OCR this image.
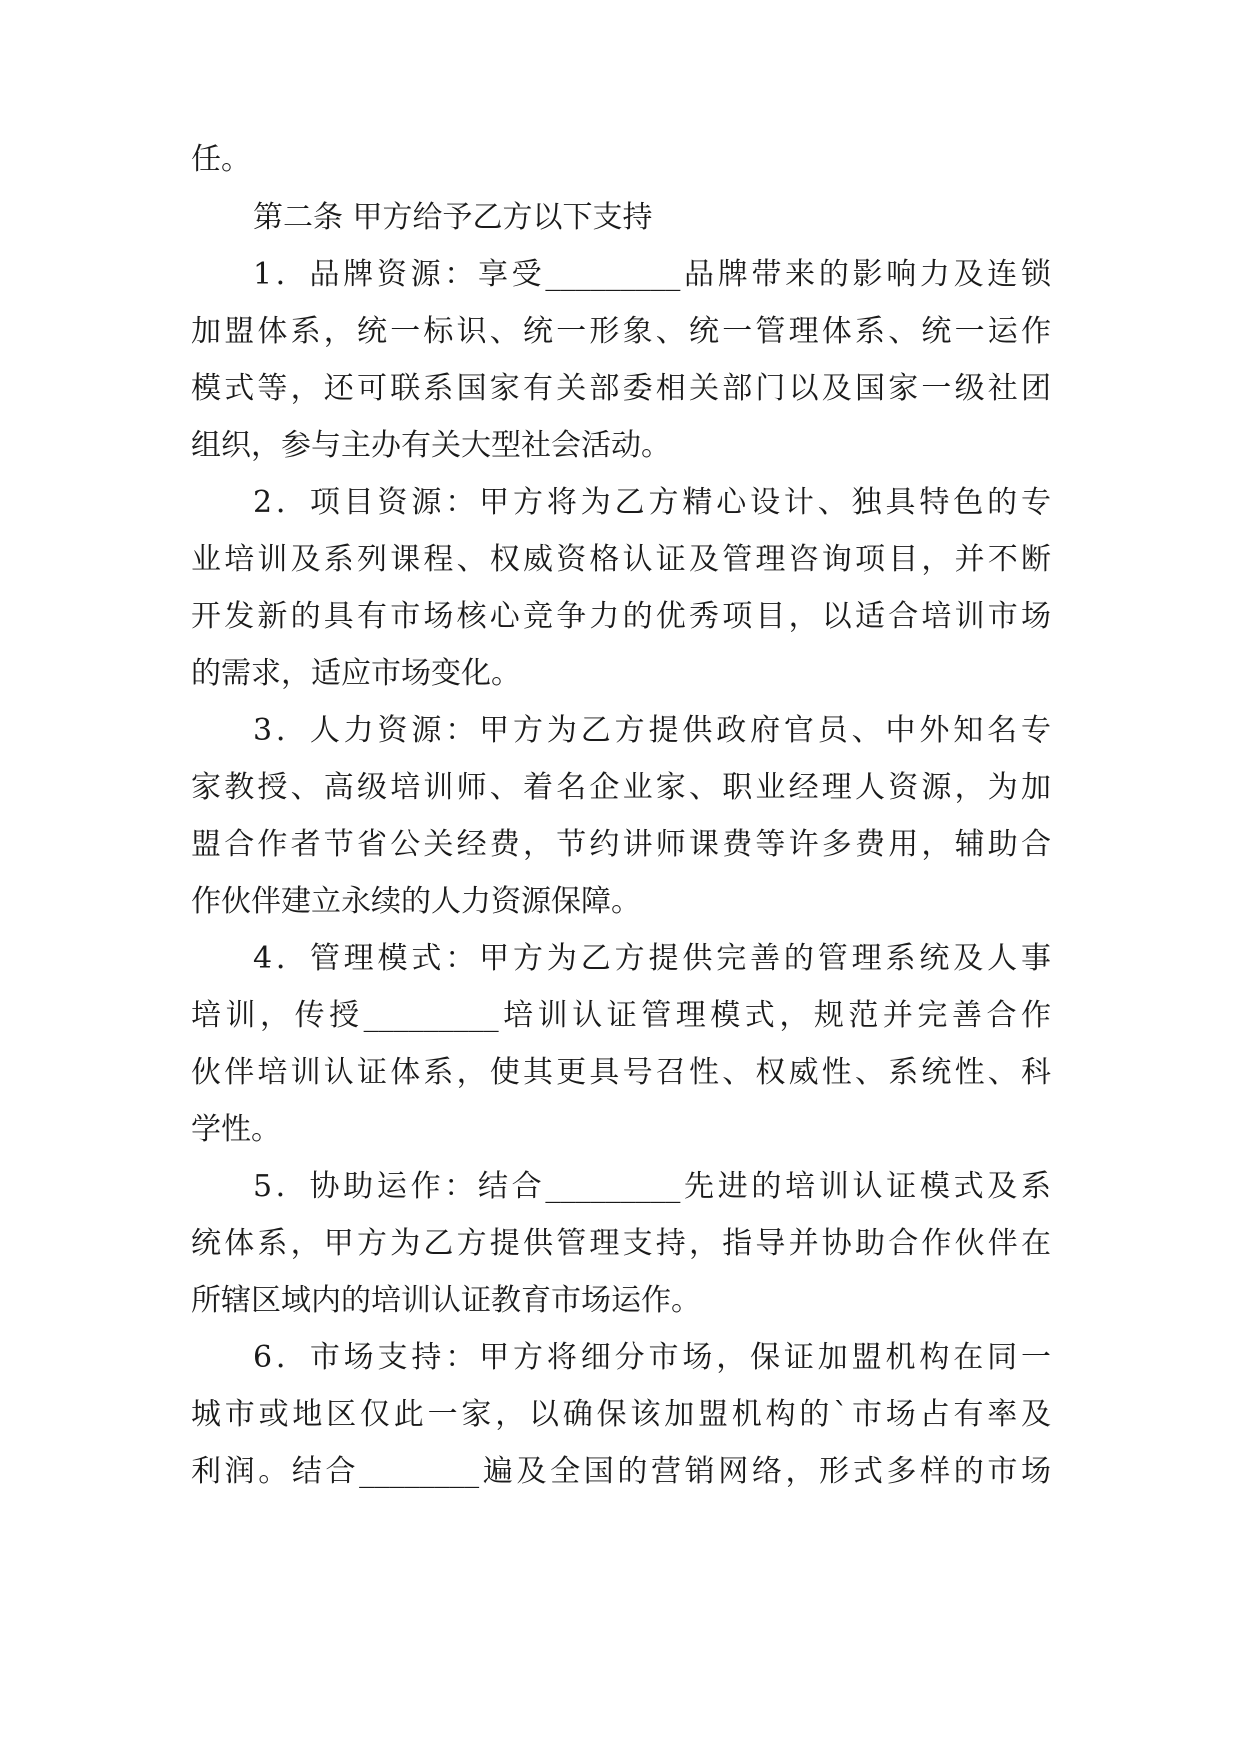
任。
第二条 甲方给予乙方以下支持
1．品牌资源：享受_________品牌带来的影响力及连锁
加盟体系，统一标识、统一形象、统一管理体系、统一运作
模式等，还可联系国家有关部委相关部门以及国家一级社团
组织，参与主办有关大型社会活动。
2．项目资源：甲方将为乙方精心设计、独具特色的专
业培训及系列课程、权威资格认证及管理咨询项目，并不断
开发新的具有市场核心竞争力的优秀项目，以适合培训市场
的需求，适应市场变化。
3．人力资源：甲方为乙方提供政府官员、中外知名专
家教授、高级培训师、着名企业家、职业经理人资源，为加
盟合作者节省公关经费，节约讲师课费等许多费用，辅助合
作伙伴建立永续的人力资源保障。
4．管理模式：甲方为乙方提供完善的管理系统及人事
培训，传授_________培训认证管理模式，规范并完善合作
伙伴培训认证体系，使其更具号召性、权威性、系统性、科
学性。
5．协助运作：结合_________先进的培训认证模式及系
统体系，甲方为乙方提供管理支持，指导并协助合作伙伴在
所辖区域内的培训认证教育市场运作。
6．市场支持：甲方将细分市场，保证加盟机构在同一
城市或地区仅此一家，以确保该加盟机构的`市场占有率及
利润。结合________遍及全国的营销网络，形式多样的市场
